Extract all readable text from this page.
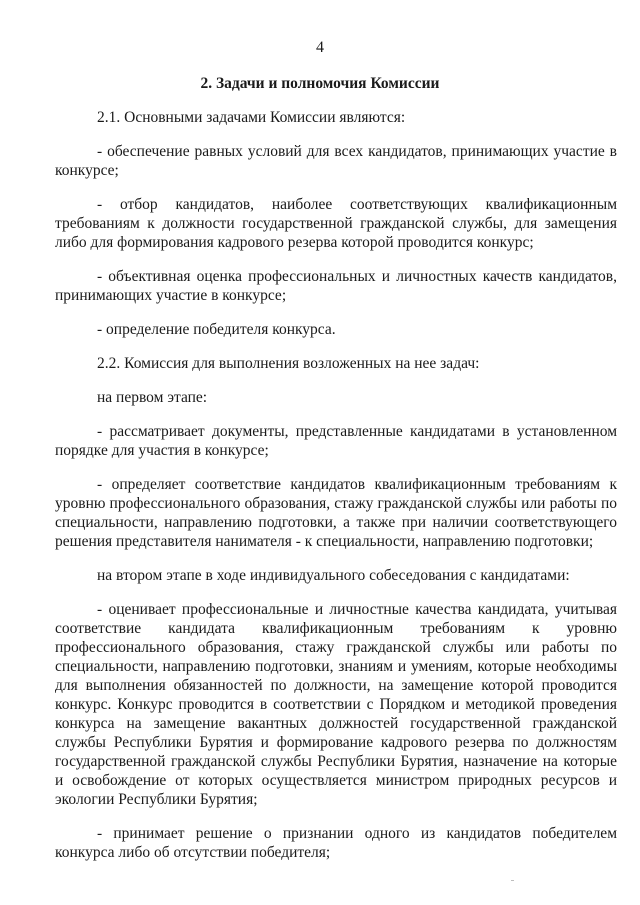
4
2. Задачи и полномочия Комиссии

2.1. Основными задачами Комиссии являются:

- обеспечение равных условий для всех кандидатов, принимающих участие в конкурсе;

- отбор кандидатов, наиболее соответствующих квалификационным требованиям к должности государственной гражданской службы, для замещения либо для формирования кадрового резерва которой проводится конкурс;

- объективная оценка профессиональных и личностных качеств кандидатов, принимающих участие в конкурсе;

- определение победителя конкурса.

2.2. Комиссия для выполнения возложенных на нее задач:

на первом этапе:

- рассматривает документы, представленные кандидатами в установленном порядке для участия в конкурсе;

- определяет соответствие кандидатов квалификационным требованиям к уровню профессионального образования, стажу гражданской службы или работы по специальности, направлению подготовки, а также при наличии соответствующего решения представителя нанимателя - к специальности, направлению подготовки;

на втором этапе в ходе индивидуального собеседования с кандидатами:

- оценивает профессиональные и личностные качества кандидата, учитывая соответствие кандидата квалификационным требованиям к уровню профессионального образования, стажу гражданской службы или работы по специальности, направлению подготовки, знаниям и умениям, которые необходимы для выполнения обязанностей по должности, на замещение которой проводится конкурс. Конкурс проводится в соответствии с Порядком и методикой проведения конкурса на замещение вакантных должностей государственной гражданской службы Республики Бурятия и формирование кадрового резерва по должностям государственной гражданской службы Республики Бурятия, назначение на которые и освобождение от которых осуществляется министром природных ресурсов и экологии Республики Бурятия;

- принимает решение о признании одного из кандидатов победителем конкурса либо об отсутствии победителя;
